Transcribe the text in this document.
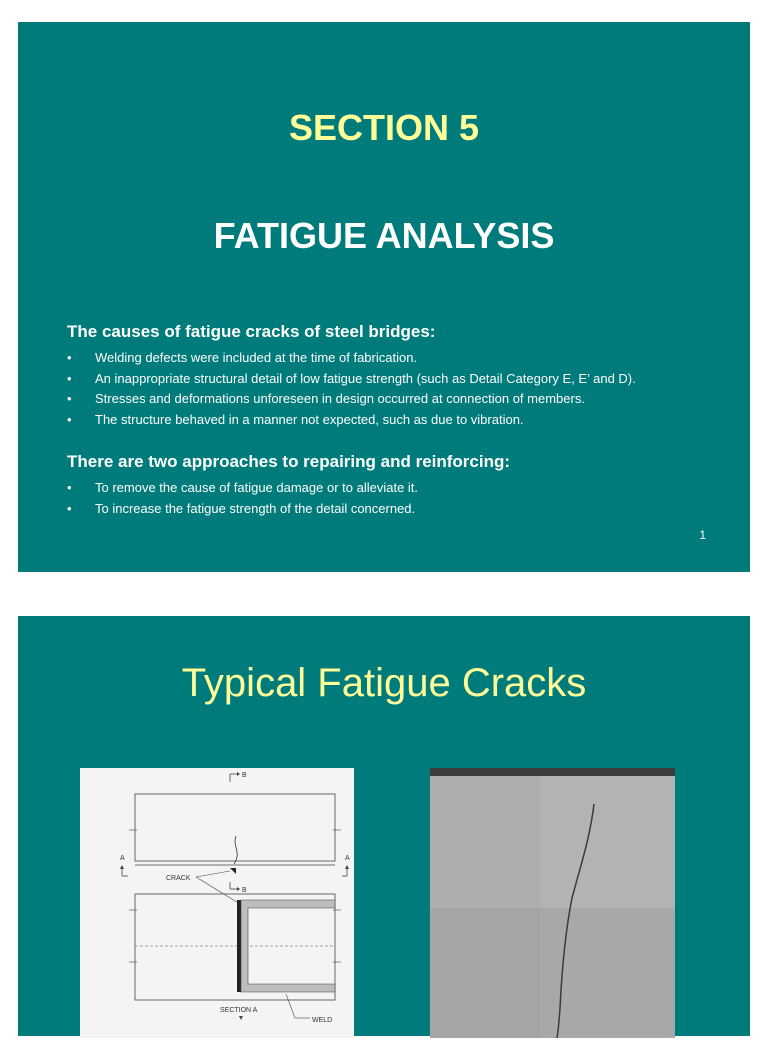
SECTION 5
FATIGUE ANALYSIS
The causes of fatigue cracks of steel bridges:
• Welding defects were included at the time of fabrication.
• An inappropriate structural detail of low fatigue strength (such as Detail Category E, E’ and D).
• Stresses and deformations unforeseen in design occurred at connection of members.
• The structure behaved in a manner not expected, such as due to vibration.
There are two approaches to repairing and reinforcing:
• To remove the cause of fatigue damage or to alleviate it.
• To increase the fatigue strength of the detail concerned.
1
Typical Fatigue Cracks
B
A	A
CRACK
B
SECTION A
WELD
